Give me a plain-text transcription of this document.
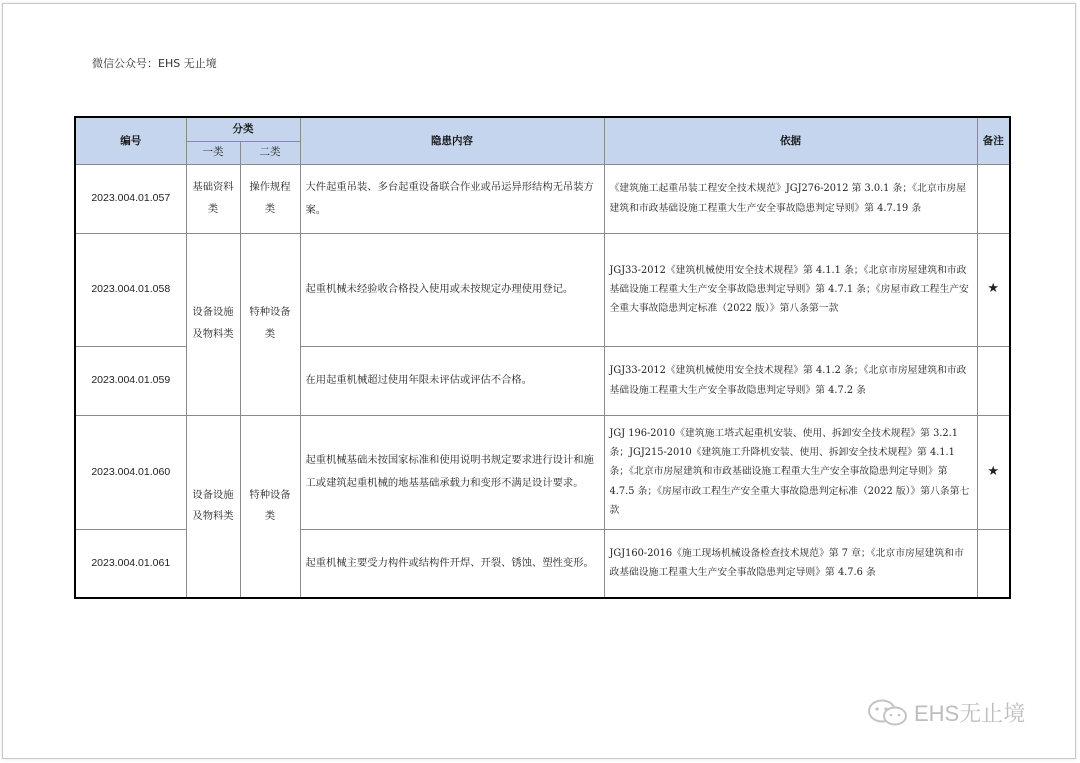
微信公众号：EHS 无止境
编号	分类		隐患内容	依据	备注
	一类	二类			
2023.004.01.057	基础资料类	操作规程类	大件起重吊装、多台起重设备联合作业或吊运异形结构无吊装方案。	《建筑施工起重吊装工程安全技术规范》JGJ276-2012 第 3.0.1 条；《北京市房屋建筑和市政基础设施工程重大生产安全事故隐患判定导则》第 4.7.19 条	
2023.004.01.058	设备设施及物料类	特种设备类	起重机械未经验收合格投入使用或未按规定办理使用登记。	JGJ33-2012《建筑机械使用安全技术规程》第 4.1.1 条；《北京市房屋建筑和市政基础设施工程重大生产安全事故隐患判定导则》第 4.7.1 条；《房屋市政工程生产安全重大事故隐患判定标准（2022 版）》第八条第一款	★
2023.004.01.059			在用起重机械超过使用年限未评估或评估不合格。	JGJ33-2012《建筑机械使用安全技术规程》第 4.1.2 条；《北京市房屋建筑和市政基础设施工程重大生产安全事故隐患判定导则》第 4.7.2 条	
2023.004.01.060	设备设施及物料类	特种设备类	起重机械基础未按国家标准和使用说明书规定要求进行设计和施工或建筑起重机械的地基基础承载力和变形不满足设计要求。	JGJ 196-2010《建筑施工塔式起重机安装、使用、拆卸安全技术规程》第 3.2.1 条；JGJ215-2010《建筑施工升降机安装、使用、拆卸安全技术规程》第 4.1.1 条；《北京市房屋建筑和市政基础设施工程重大生产安全事故隐患判定导则》第 4.7.5 条；《房屋市政工程生产安全重大事故隐患判定标准（2022 版）》第八条第七款	★
2023.004.01.061			起重机械主要受力构件或结构件开焊、开裂、锈蚀、塑性变形。	JGJ160-2016《施工现场机械设备检查技术规范》第 7 章；《北京市房屋建筑和市政基础设施工程重大生产安全事故隐患判定导则》第 4.7.6 条	
EHS无止境
